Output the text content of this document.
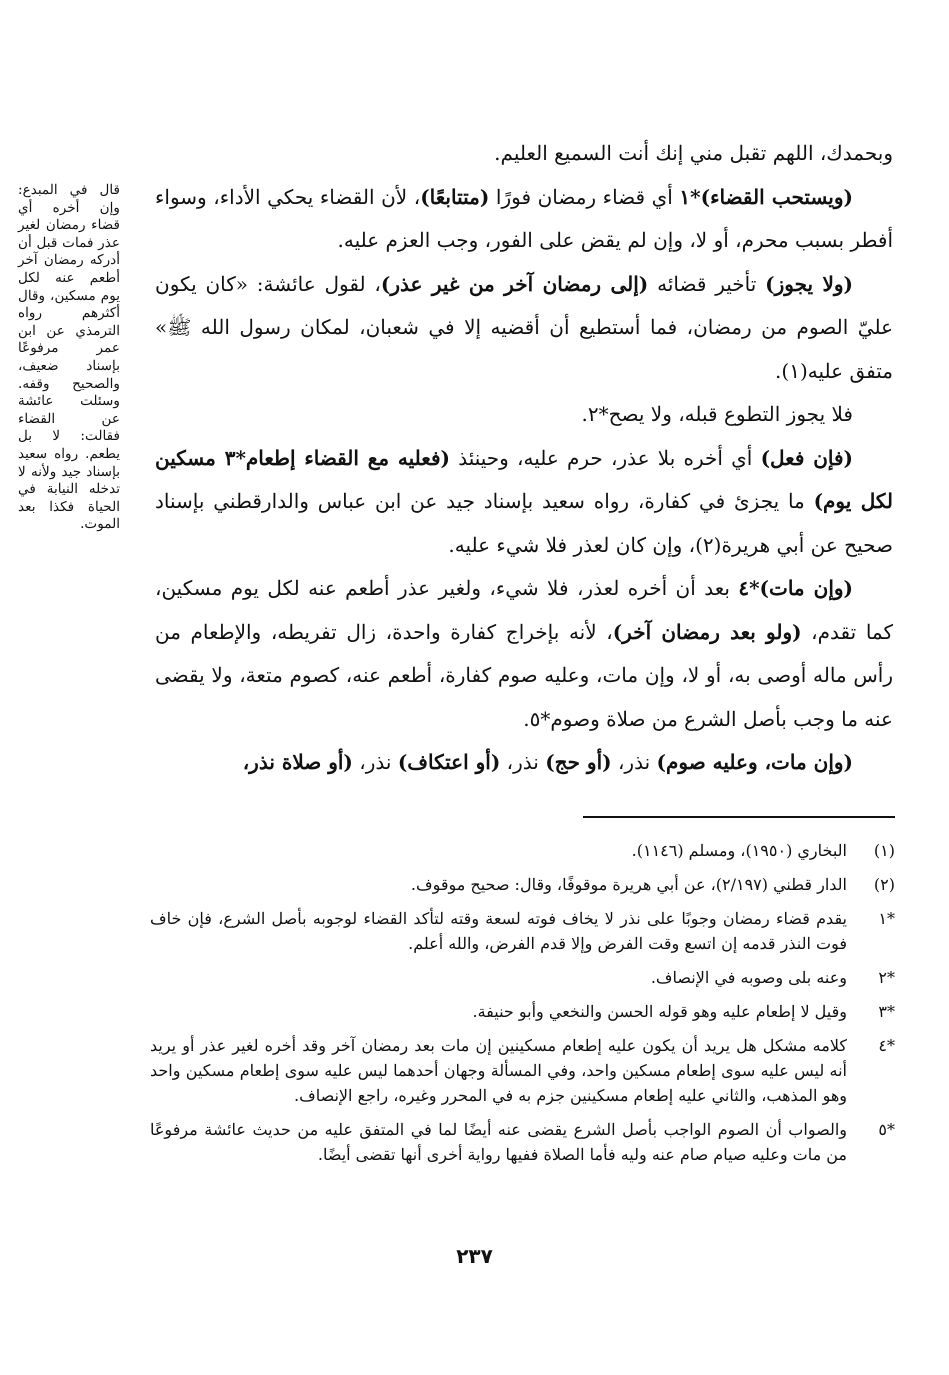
قال في المبدع: وإن أخره أي قضاء رمضان لغير عذر فمات قبل أن أدركه رمضان آخر أطعم عنه لكل يوم مسكين، وقال أكثرهم رواه الترمذي عن ابن عمر مرفوعًا بإسناد ضعيف، والصحيح وقفه. وسئلت عائشة عن القضاء فقالت: لا بل يطعم. رواه سعيد بإسناد جيد ولأنه لا تدخله النيابة في الحياة فكذا بعد الموت.

وبحمدك، اللهم تقبل مني إنك أنت السميع العليم.

(ويستحب القضاء)*١ أي قضاء رمضان فورًا (متتابعًا)، لأن القضاء يحكي الأداء، وسواء أفطر بسبب محرم، أو لا، وإن لم يقض على الفور، وجب العزم عليه.

(ولا يجوز) تأخير قضائه (إلى رمضان آخر من غير عذر)، لقول عائشة: «كان يكون عليّ الصوم من رمضان، فما أستطيع أن أقضيه إلا في شعبان، لمكان رسول الله ﷺ» متفق عليه(١).

فلا يجوز التطوع قبله، ولا يصح*٢.

(فإن فعل) أي أخره بلا عذر، حرم عليه، وحينئذ (فعليه مع القضاء إطعام*٣ مسكين لكل يوم) ما يجزئ في كفارة، رواه سعيد بإسناد جيد عن ابن عباس والدارقطني بإسناد صحيح عن أبي هريرة(٢)، وإن كان لعذر فلا شيء عليه.

(وإن مات)*٤ بعد أن أخره لعذر، فلا شيء، ولغير عذر أطعم عنه لكل يوم مسكين، كما تقدم، (ولو بعد رمضان آخر)، لأنه بإخراج كفارة واحدة، زال تفريطه، والإطعام من رأس ماله أوصى به، أو لا، وإن مات، وعليه صوم كفارة، أطعم عنه، كصوم متعة، ولا يقضى عنه ما وجب بأصل الشرع من صلاة وصوم*٥.

(وإن مات، وعليه صوم) نذر، (أو حج) نذر، (أو اعتكاف) نذر، (أو صلاة نذر،

(١)
البخاري (١٩٥٠)، ومسلم (١١٤٦).
(٢)
الدار قطني (٢/١٩٧)، عن أبي هريرة موقوفًا، وقال: صحيح موقوف.
*١
يقدم قضاء رمضان وجوبًا على نذر لا يخاف فوته لسعة وقته لتأكد القضاء لوجوبه بأصل الشرع، فإن خاف فوت النذر قدمه إن اتسع وقت الفرض وإلا قدم الفرض، والله أعلم.
*٢
وعنه بلى وصوبه في الإنصاف.
*٣
وقيل لا إطعام عليه وهو قوله الحسن والنخعي وأبو حنيفة.
*٤
كلامه مشكل هل يريد أن يكون عليه إطعام مسكينين إن مات بعد رمضان آخر وقد أخره لغير عذر أو يريد أنه ليس عليه سوى إطعام مسكين واحد، وفي المسألة وجهان أحدهما ليس عليه سوى إطعام مسكين واحد وهو المذهب، والثاني عليه إطعام مسكينين جزم به في المحرر وغيره، راجع الإنصاف.
*٥
والصواب أن الصوم الواجب بأصل الشرع يقضى عنه أيضًا لما في المتفق عليه من حديث عائشة مرفوعًا من مات وعليه صيام صام عنه وليه فأما الصلاة ففيها رواية أخرى أنها تقضى أيضًا.
٢٣٧
